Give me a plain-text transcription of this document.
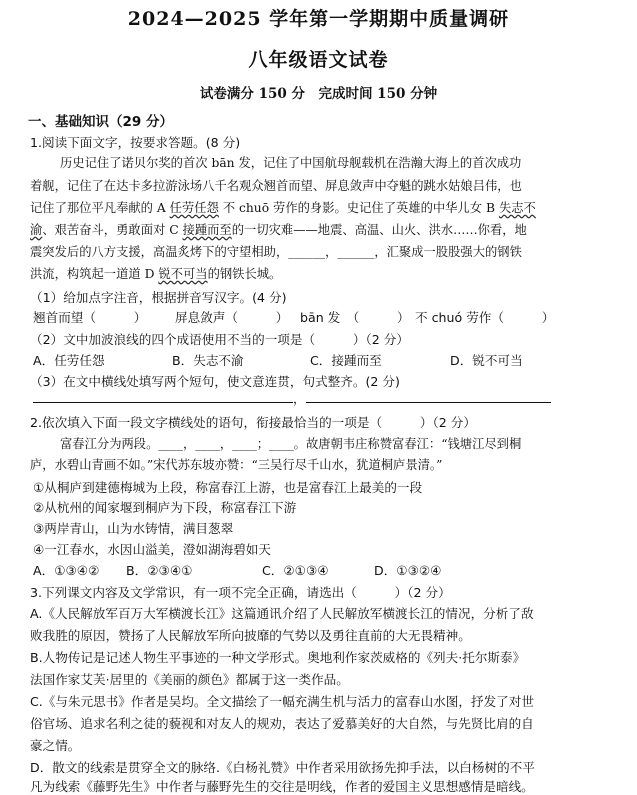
2024—2025 学年第一学期期中质量调研
八年级语文试卷
试卷满分 150 分　完成时间 150 分钟
一、基础知识（29 分）
1.阅读下面文字，按要求答题。(8 分)
历史记住了诺贝尔奖的首次 bān 发，记住了中国航母舰载机在浩瀚大海上的首次成功
着舰，记住了在达卡多拉游泳场八千名观众翘首而望、屏息敛声中夺魁的跳水姑娘吕伟，也
记住了那位平凡奉献的 A 任劳任怨 不 chuō 劳作的身影。史记住了英雄的中华儿女 B 失志不
渝、艰苦奋斗，勇敢面对 C 接踵而至的一切灾难——地震、高温、山火、洪水……你看，地
震突发后的八方支援，高温炙烤下的守望相助，______，______，汇聚成一股股强大的钢铁
洪流，构筑起一道道 D 锐不可当的钢铁长城。
（1）给加点字注音，根据拼音写汉字。(4 分)
翘首而望（　　　） 屏息敛声（　　　） bān 发　（　　　） 不 chuó 劳作（　　　）
（2）文中加波浪线的四个成语使用不当的一项是（　　　）（2 分）
A．任劳任怨	B．失志不渝	C．接踵而至	D．锐不可当
（3）在文中横线处填写两个短句，使文意连贯，句式整齐。(2 分)
，
2.依次填入下面一段文字横线处的语句，衔接最恰当的一项是（　　　）（2 分）
富春江分为两段。____，____，____；____。故唐朝韦庄称赞富春江：“钱塘江尽到桐
庐，水碧山青画不如。”宋代苏东坡亦赞：“三吴行尽千山水，犹道桐庐景清。”
①从桐庐到建德梅城为上段，称富春江上游，也是富春江上最美的一段
②从杭州的闻家堰到桐庐为下段，称富春江下游
③两岸青山，山为水铸情，满目葱翠
④一江春水，水因山溢美，澄如湖海碧如天
A．①③④② B．②③④①	C．②①③④	D．①③②④
3.下列课文内容及文学常识，有一项不完全正确，请选出（　　　）（2 分）
A.《人民解放军百万大军横渡长江》这篇通讯介绍了人民解放军横渡长江的情况，分析了敌
败我胜的原因，赞扬了人民解放军所向披靡的气势以及勇往直前的大无畏精神。
B.人物传记是记述人物生平事迹的一种文学形式。奥地利作家茨威格的《列夫·托尔斯泰》
法国作家艾芙·居里的《美丽的颜色》都属于这一类作品。
C.《与朱元思书》作者是吴均。全文描绘了一幅充满生机与活力的富春山水图，抒发了对世
俗官场、追求名利之徒的藐视和对友人的规劝，表达了爱慕美好的大自然，与先贤比肩的自
豪之情。
D．散文的线索是贯穿全文的脉络.《白杨礼赞》中作者采用欲扬先抑手法，以白杨树的不平
凡为线索《藤野先生》中作者与藤野先生的交往是明线，作者的爱国主义思想感情是暗线。
